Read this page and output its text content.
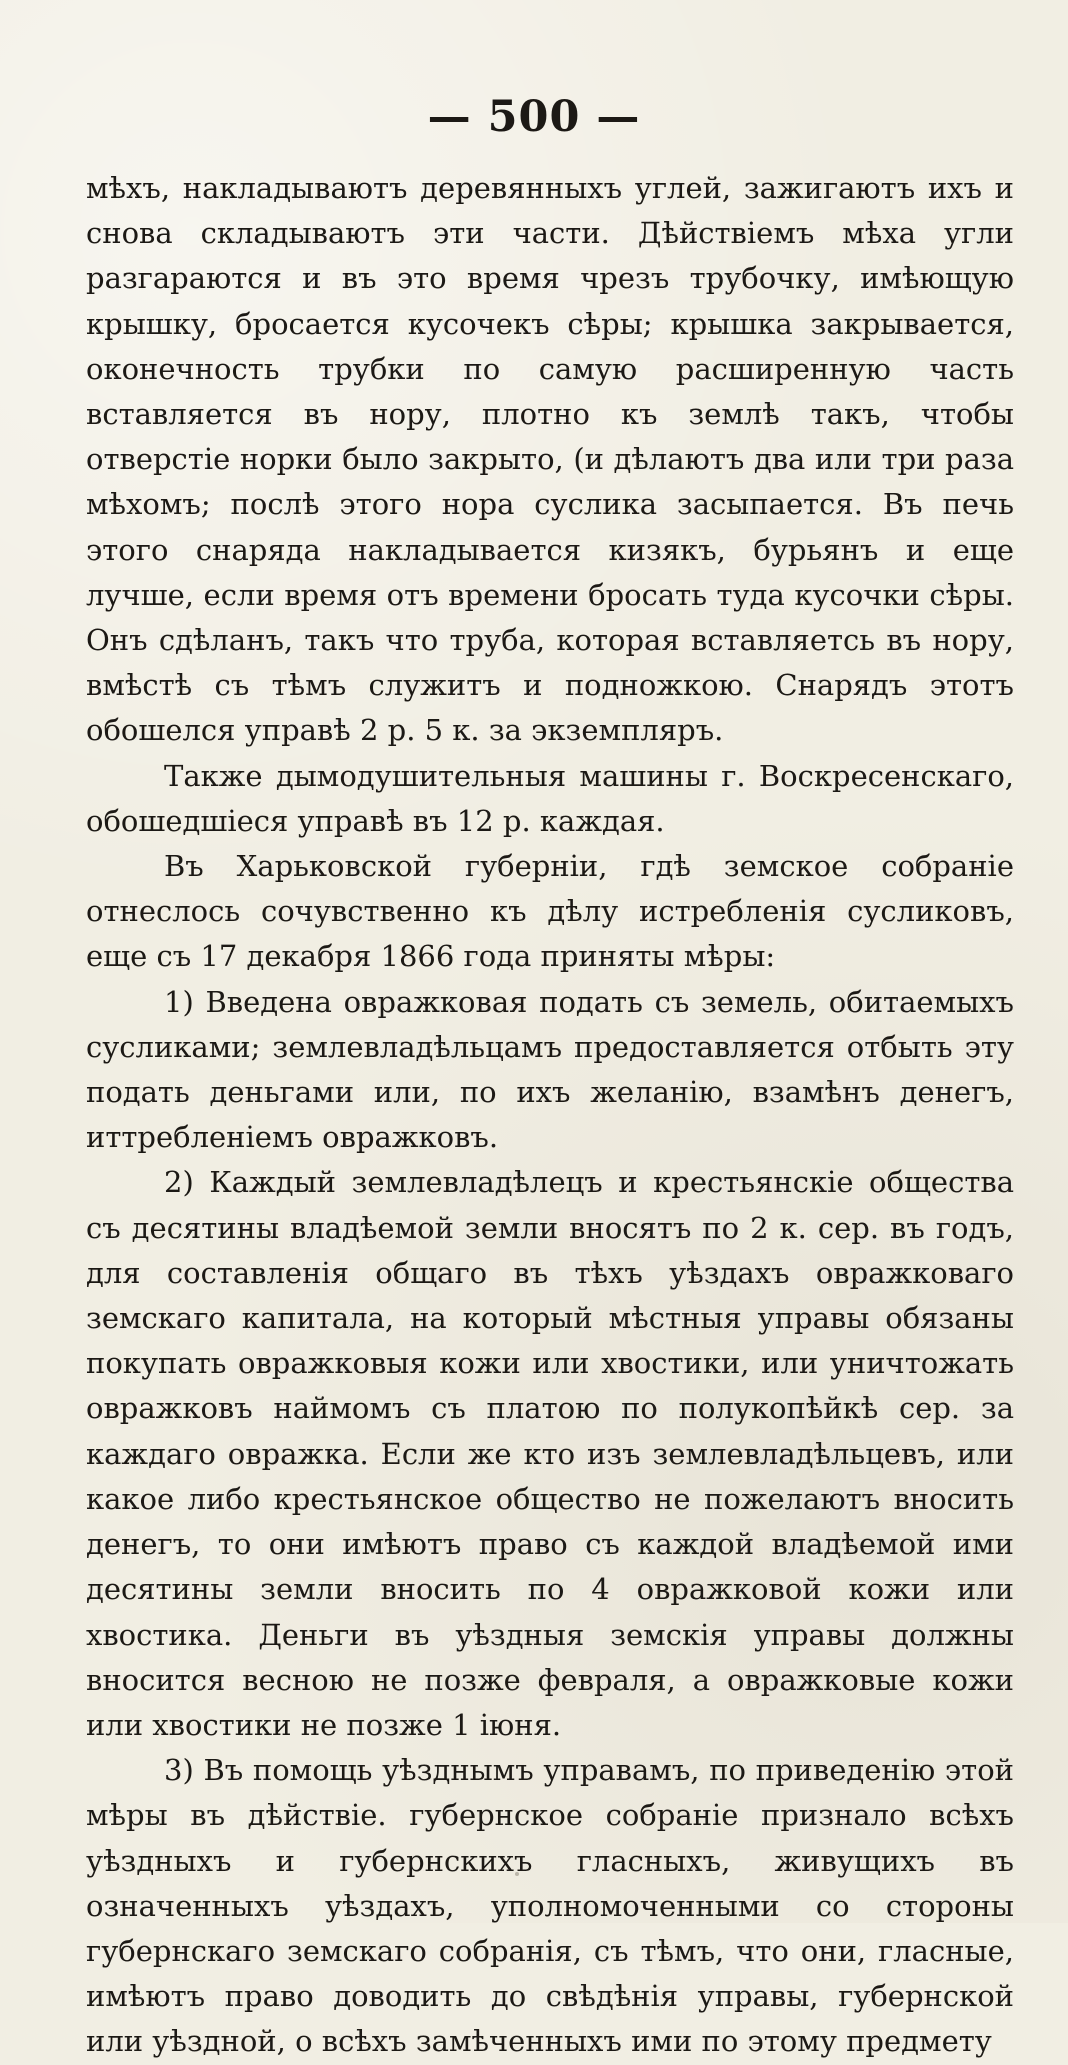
— 500 —

мѣхъ, накладываютъ деревянныхъ углей, зажигаютъ ихъ и снова складываютъ эти части. Дѣйствіемъ мѣха угли разгараются и въ это время чрезъ трубочку, имѣющую крышку, бросается кусочекъ сѣры; крышка закрывается, оконечность трубки по самую расширенную часть вставляется въ нору, плотно къ землѣ такъ, чтобы отверстіе норки было закрыто, (и дѣлаютъ два или три раза мѣхомъ; послѣ этого нора суслика засыпается. Въ печь этого снаряда накладывается кизякъ, бурьянъ и еще лучше, если время отъ времени бросать туда кусочки сѣры. Онъ сдѣланъ, такъ что труба, которая вставляетсь въ нору, вмѣстѣ съ тѣмъ служитъ и подножкою. Снарядъ этотъ обошелся управѣ 2 р. 5 к. за экземпляръ.

Также дымодушительныя машины г. Воскресенскаго, обошедшіеся управѣ въ 12 р. каждая.

Въ Харьковской губерніи, гдѣ земское собраніе отнеслось сочувственно къ дѣлу истребленія сусликовъ, еще съ 17 декабря 1866 года приняты мѣры:

1) Введена овражковая подать съ земель, обитаемыхъ сусликами; землевладѣльцамъ предоставляется отбыть эту подать деньгами или, по ихъ желанію, взамѣнъ денегъ, иттребленіемъ овражковъ.

2) Каждый землевладѣлецъ и крестьянскіе общества съ десятины владѣемой земли вносятъ по 2 к. сер. въ годъ, для составленія общаго въ тѣхъ уѣздахъ овражковаго земскаго капитала, на который мѣстныя управы обязаны покупать овражковыя кожи или хвостики, или уничтожать овражковъ наймомъ съ платою по полукопѣйкѣ сер. за каждаго овражка. Если же кто изъ землевладѣльцевъ, или какое либо крестьянское общество не пожелаютъ вносить денегъ, то они имѣютъ право съ каждой владѣемой ими десятины земли вносить по 4 овражковой кожи или хвостика. Деньги въ уѣздныя земскія управы должны вносится весною не позже февраля, а овражковые кожи или хвостики не позже 1 іюня.

3) Въ помощь уѣзднымъ управамъ, по приведенію этой мѣры въ дѣйствіе. губернское собраніе признало всѣхъ уѣздныхъ и губернскихъ гласныхъ, живущихъ въ означенныхъ уѣздахъ, уполномоченными со стороны губернскаго земскаго собранія, съ тѣмъ, что они, гласные, имѣютъ право доводить до свѣдѣнія управы, губернской или уѣздной, о всѣхъ замѣченныхъ ими по этому предмету
